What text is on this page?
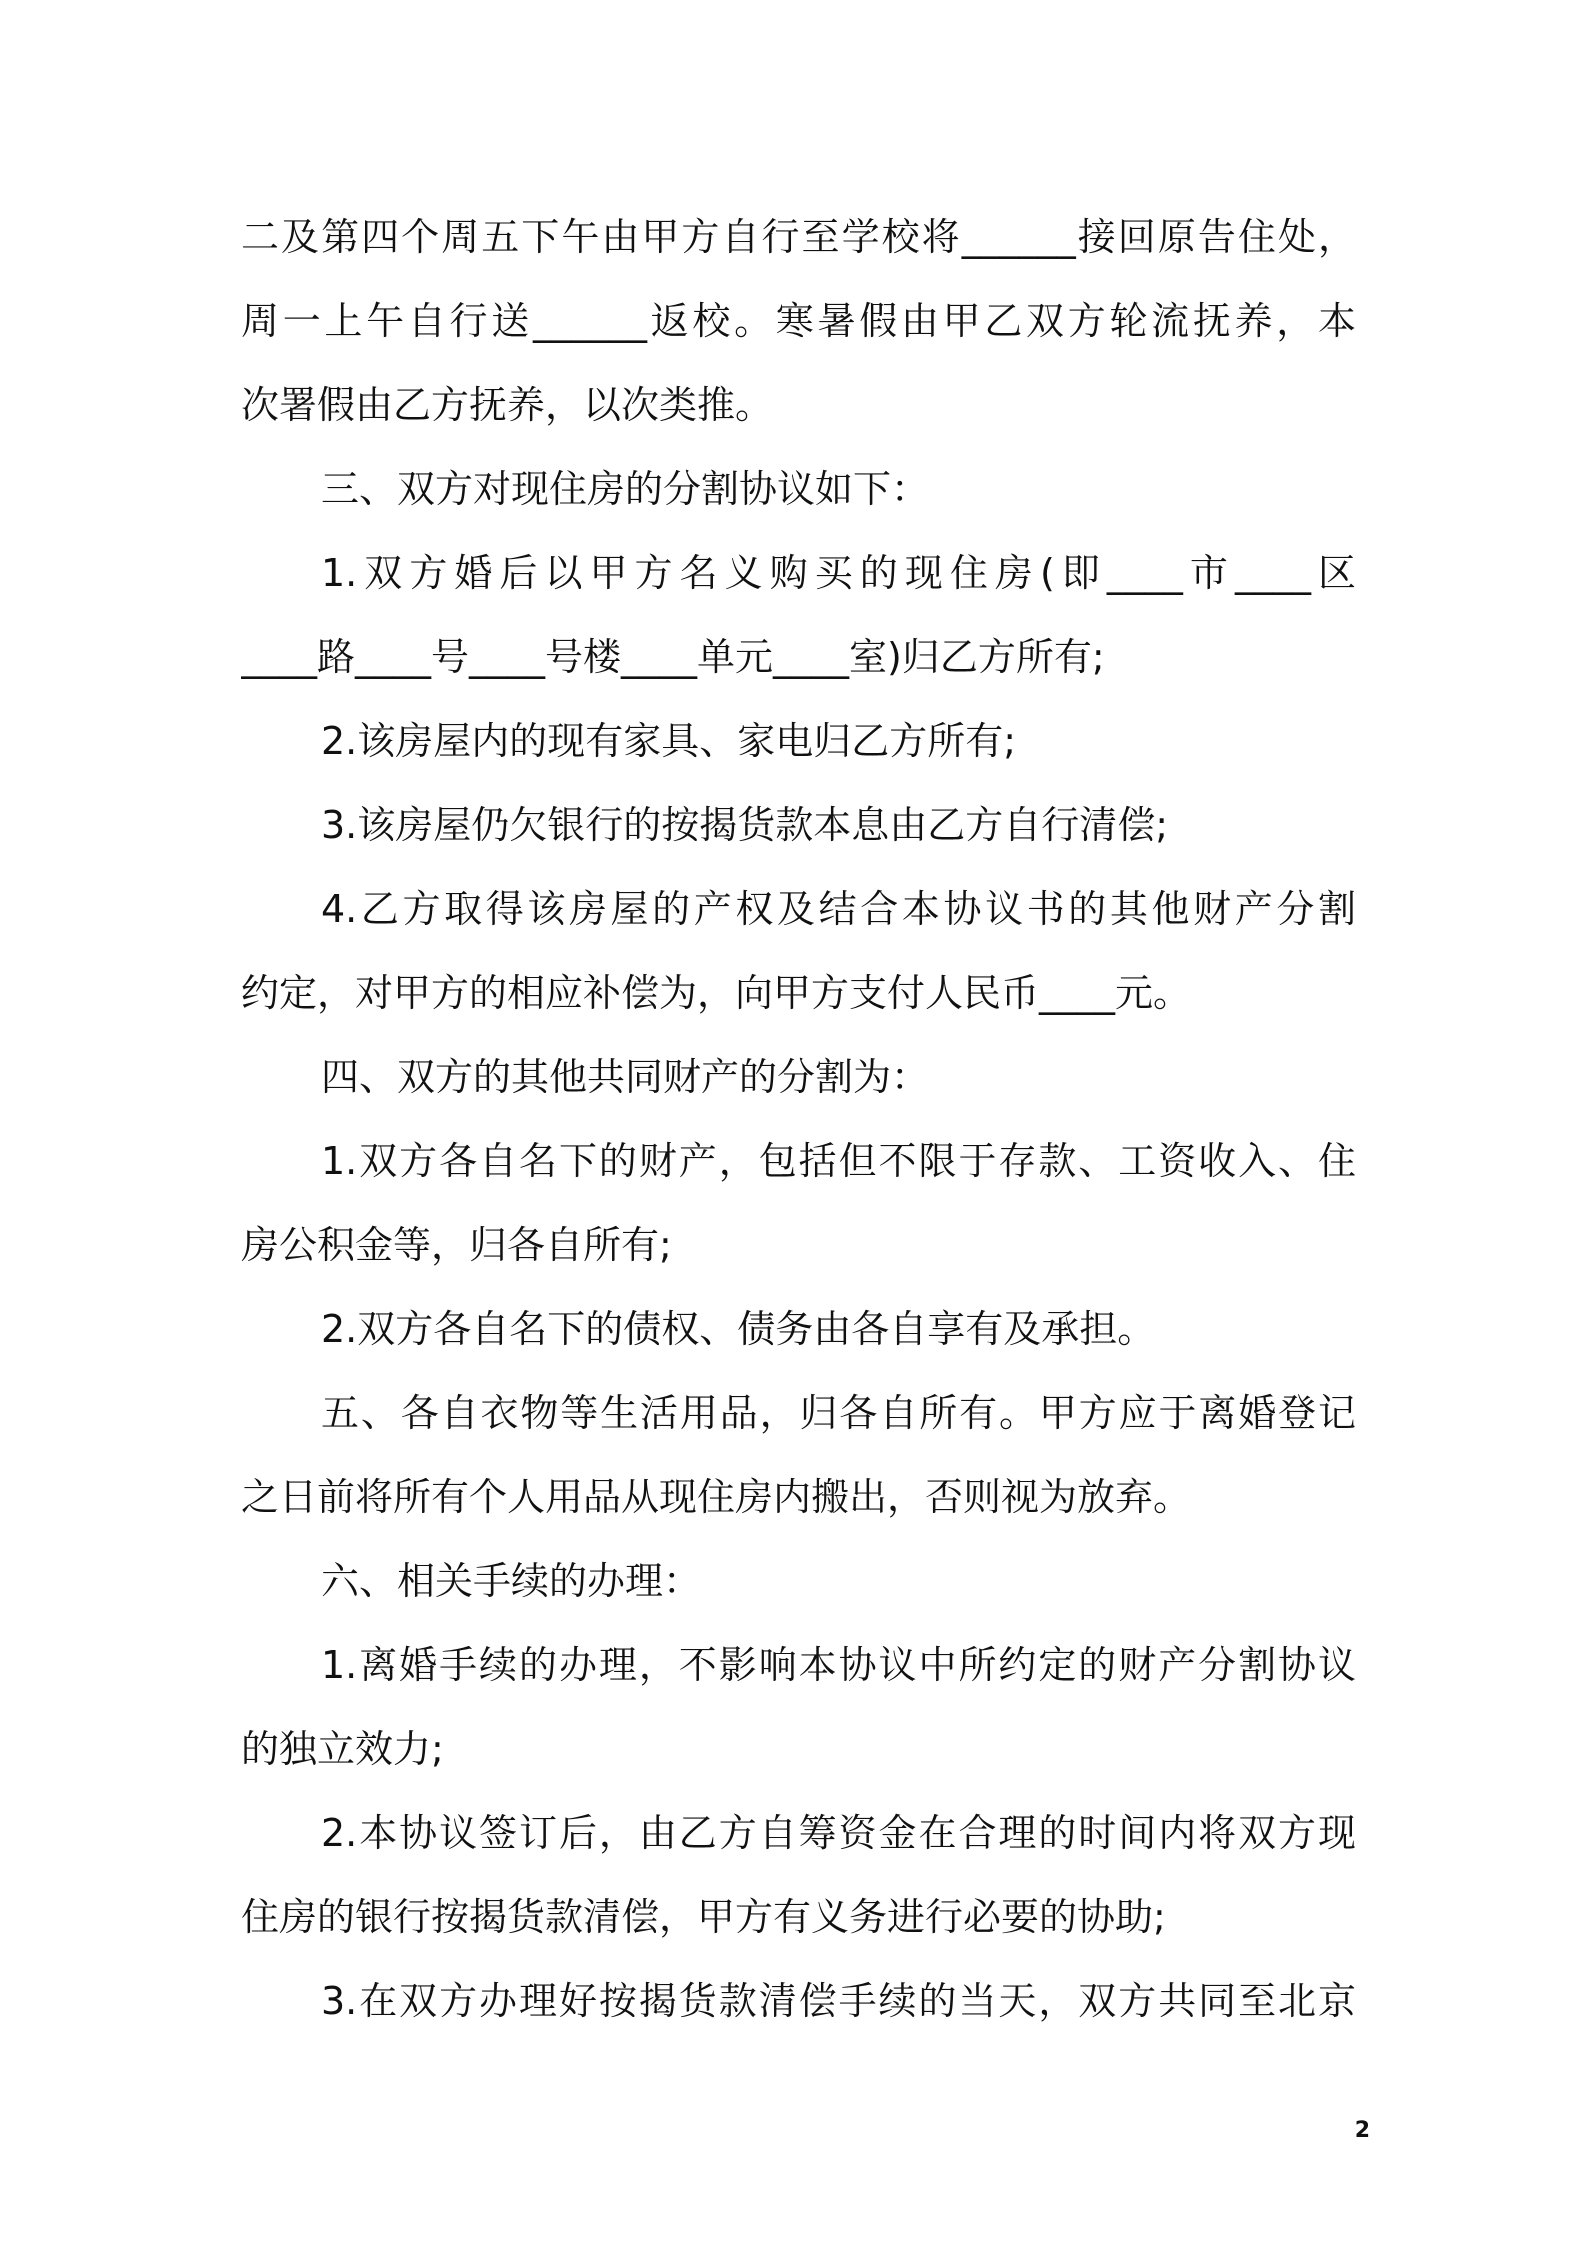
二及第四个周五下午由甲方自行至学校将______接回原告住处，
周一上午自行送______返校。寒暑假由甲乙双方轮流抚养，本
次署假由乙方抚养，以次类推。
三、双方对现住房的分割协议如下：
1.双方婚后以甲方名义购买的现住房(即____市____区
____路____号____号楼____单元____室)归乙方所有;
2.该房屋内的现有家具、家电归乙方所有;
3.该房屋仍欠银行的按揭货款本息由乙方自行清偿;
4.乙方取得该房屋的产权及结合本协议书的其他财产分割
约定，对甲方的相应补偿为，向甲方支付人民币____元。
四、双方的其他共同财产的分割为：
1.双方各自名下的财产，包括但不限于存款、工资收入、住
房公积金等，归各自所有;
2.双方各自名下的债权、债务由各自享有及承担。
五、各自衣物等生活用品，归各自所有。甲方应于离婚登记
之日前将所有个人用品从现住房内搬出，否则视为放弃。
六、相关手续的办理：
1.离婚手续的办理，不影响本协议中所约定的财产分割协议
的独立效力;
2.本协议签订后，由乙方自筹资金在合理的时间内将双方现
住房的银行按揭货款清偿，甲方有义务进行必要的协助;
3.在双方办理好按揭货款清偿手续的当天，双方共同至北京
2
